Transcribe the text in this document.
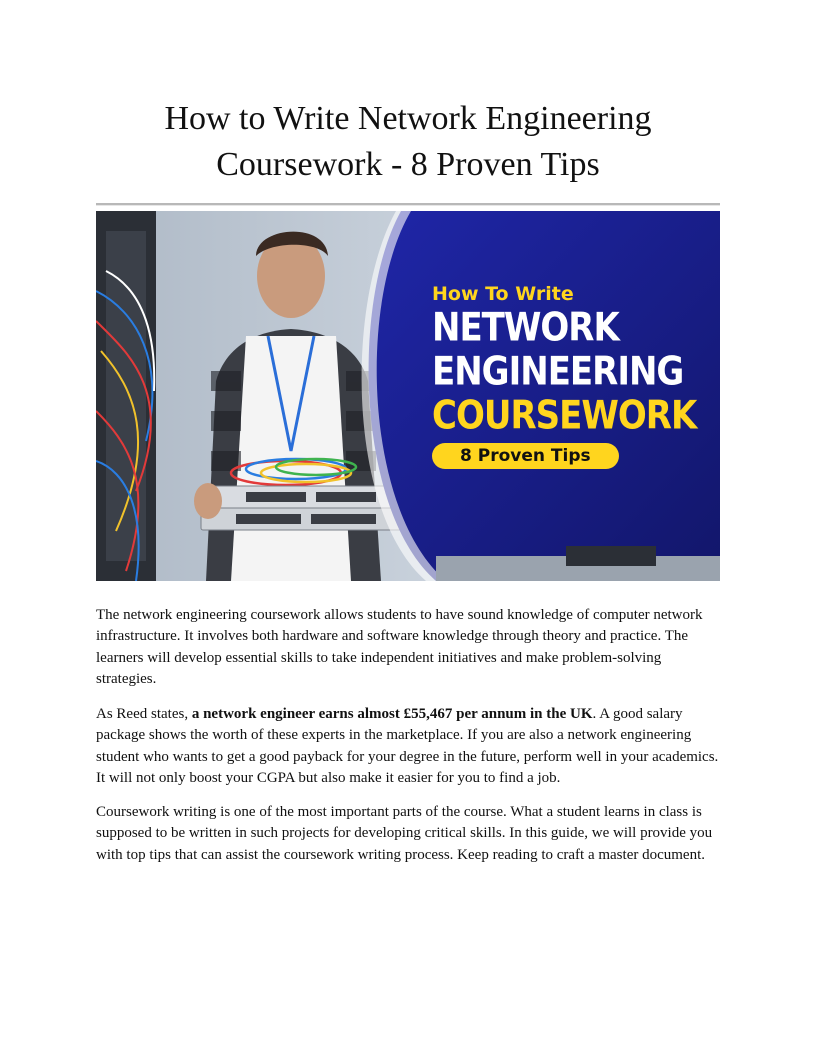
How to Write Network Engineering Coursework - 8 Proven Tips
How To Write
NETWORK
ENGINEERING
COURSEWORK
8 Proven Tips

The network engineering coursework allows students to have sound knowledge of computer network infrastructure. It involves both hardware and software knowledge through theory and practice. The learners will develop essential skills to take independent initiatives and make problem-solving strategies.

As Reed states, a network engineer earns almost £55,467 per annum in the UK. A good salary package shows the worth of these experts in the marketplace. If you are also a network engineering student who wants to get a good payback for your degree in the future, perform well in your academics. It will not only boost your CGPA but also make it easier for you to find a job.

Coursework writing is one of the most important parts of the course. What a student learns in class is supposed to be written in such projects for developing critical skills. In this guide, we will provide you with top tips that can assist the coursework writing process. Keep reading to craft a master document.
